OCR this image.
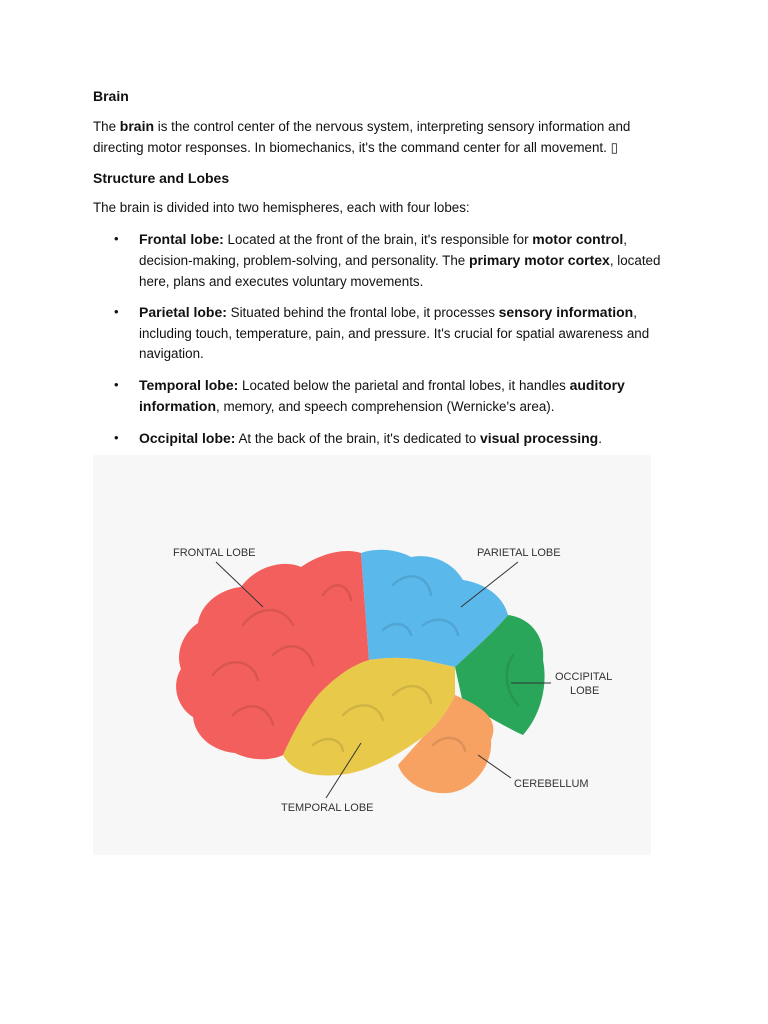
Brain

The brain is the control center of the nervous system, interpreting sensory information and directing motor responses. In biomechanics, it's the command center for all movement. ▯

Structure and Lobes

The brain is divided into two hemispheres, each with four lobes:

• Frontal lobe: Located at the front of the brain, it's responsible for motor control, decision-making, problem-solving, and personality. The primary motor cortex, located here, plans and executes voluntary movements.
• Parietal lobe: Situated behind the frontal lobe, it processes sensory information, including touch, temperature, pain, and pressure. It's crucial for spatial awareness and navigation.
• Temporal lobe: Located below the parietal and frontal lobes, it handles auditory information, memory, and speech comprehension (Wernicke's area).
• Occipital lobe: At the back of the brain, it's dedicated to visual processing.
FRONTAL LOBE	PARIETAL LOBE
OCCIPITAL
LOBE
CEREBELLUM
TEMPORAL LOBE
